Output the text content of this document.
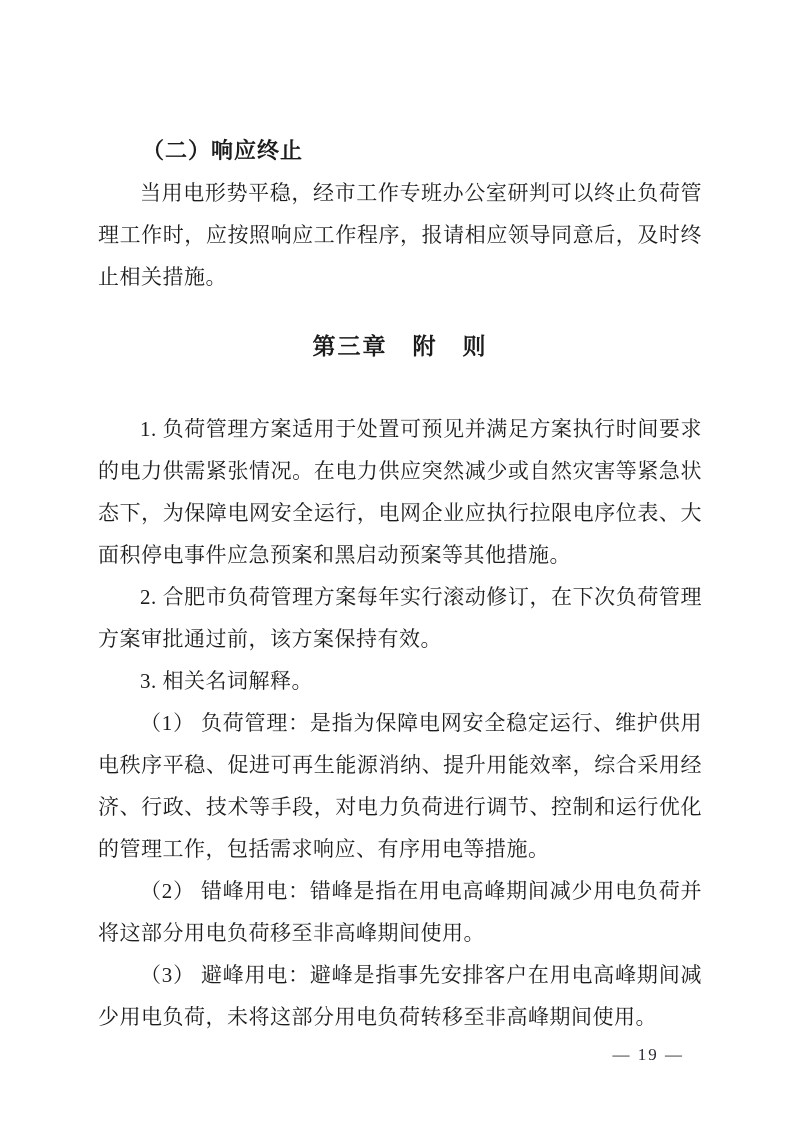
（二）响应终止

当用电形势平稳，经市工作专班办公室研判可以终止负荷管理工作时，应按照响应工作程序，报请相应领导同意后，及时终止相关措施。

第三章　附　则

1. 负荷管理方案适用于处置可预见并满足方案执行时间要求的电力供需紧张情况。在电力供应突然减少或自然灾害等紧急状态下，为保障电网安全运行，电网企业应执行拉限电序位表、大面积停电事件应急预案和黑启动预案等其他措施。

2. 合肥市负荷管理方案每年实行滚动修订，在下次负荷管理方案审批通过前，该方案保持有效。

3. 相关名词解释。

（1） 负荷管理：是指为保障电网安全稳定运行、维护供用电秩序平稳、促进可再生能源消纳、提升用能效率，综合采用经济、行政、技术等手段，对电力负荷进行调节、控制和运行优化的管理工作，包括需求响应、有序用电等措施。

（2） 错峰用电：错峰是指在用电高峰期间减少用电负荷并将这部分用电负荷移至非高峰期间使用。

（3） 避峰用电：避峰是指事先安排客户在用电高峰期间减少用电负荷，未将这部分用电负荷转移至非高峰期间使用。

— 19 —
